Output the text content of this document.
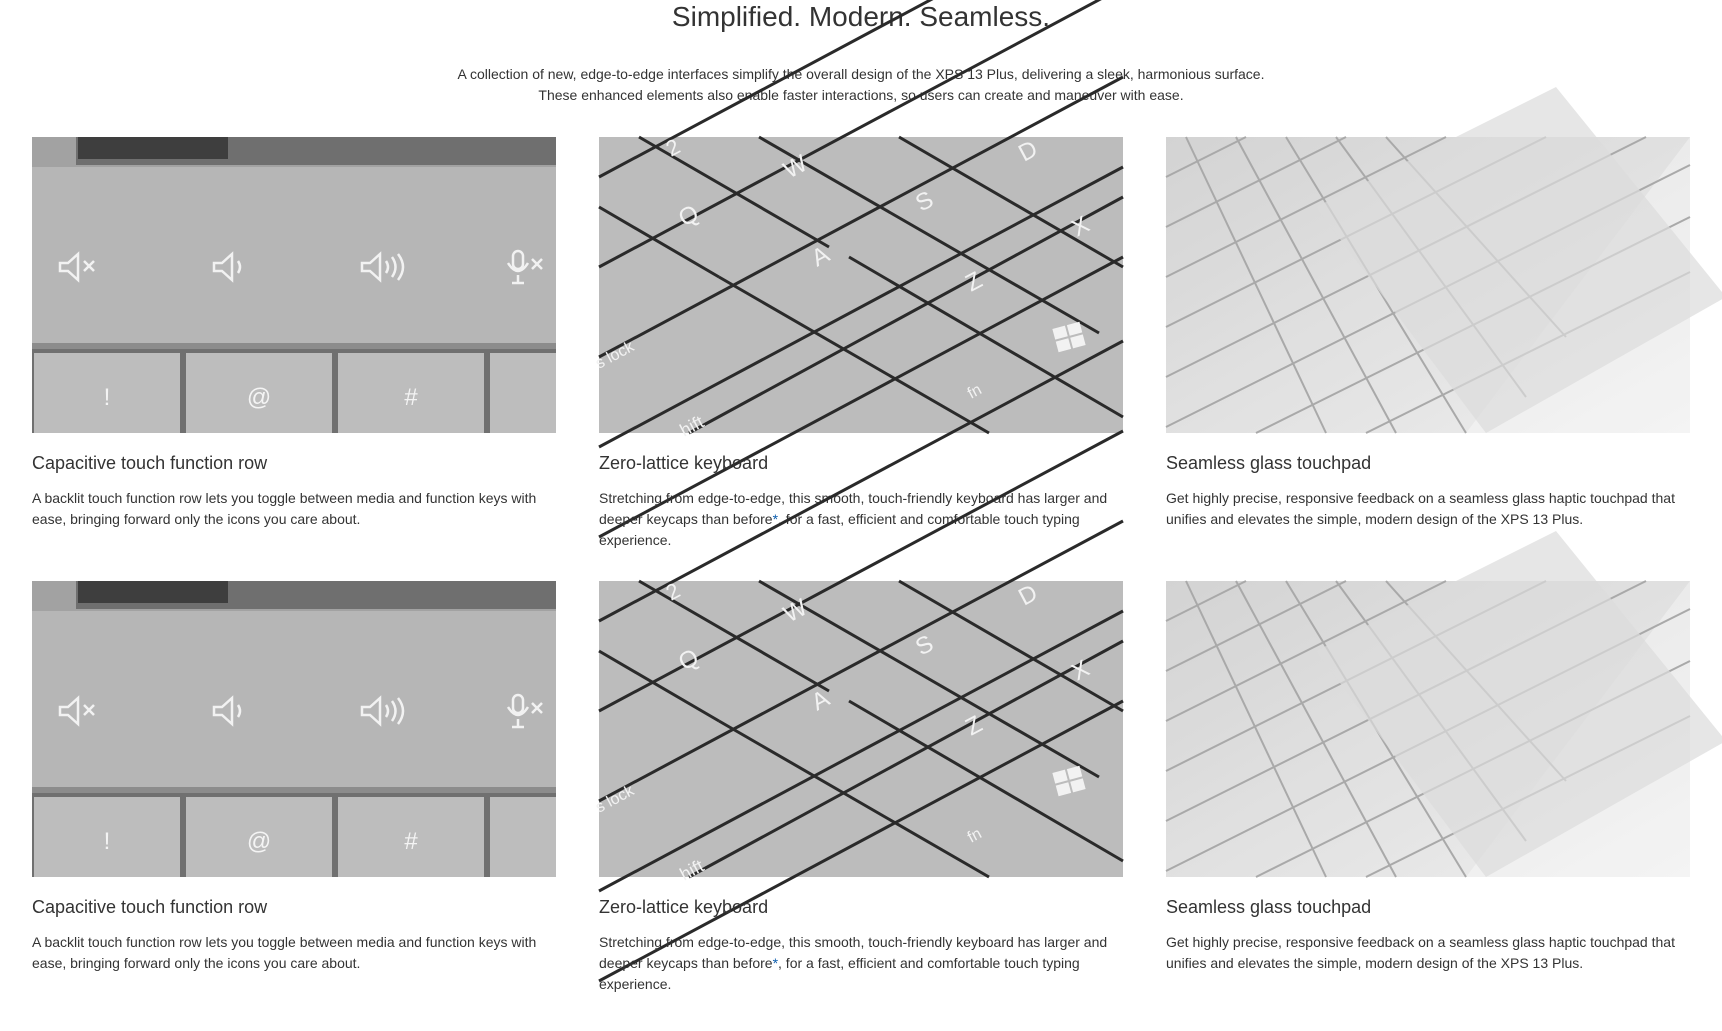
Simplified. Modern. Seamless.

A collection of new, edge-to-edge interfaces simplify the overall design of the XPS 13 Plus, delivering a sleek, harmonious surface.
These enhanced elements also enable faster interactions, so users can create and maneuver with ease.

!	@	#
Capacitive touch function row

A backlit touch function row lets you toggle between media and function keys with ease, bringing forward only the icons you care about.

2
W	D
Q	S
X
A
Z
s lock
fn
hift
Zero-lattice keyboard

Stretching from edge-to-edge, this smooth, touch-friendly keyboard has larger and deeper keycaps than before*, for a fast, efficient and comfortable touch typing experience.

Seamless glass touchpad

Get highly precise, responsive feedback on a seamless glass haptic touchpad that unifies and elevates the simple, modern design of the XPS 13 Plus.

!	@	#
Capacitive touch function row

A backlit touch function row lets you toggle between media and function keys with ease, bringing forward only the icons you care about.

2
W	D
Q	S
X
A
Z
s lock
fn
hift
Zero-lattice keyboard

Stretching from edge-to-edge, this smooth, touch-friendly keyboard has larger and deeper keycaps than before*, for a fast, efficient and comfortable touch typing experience.

Seamless glass touchpad

Get highly precise, responsive feedback on a seamless glass haptic touchpad that unifies and elevates the simple, modern design of the XPS 13 Plus.
